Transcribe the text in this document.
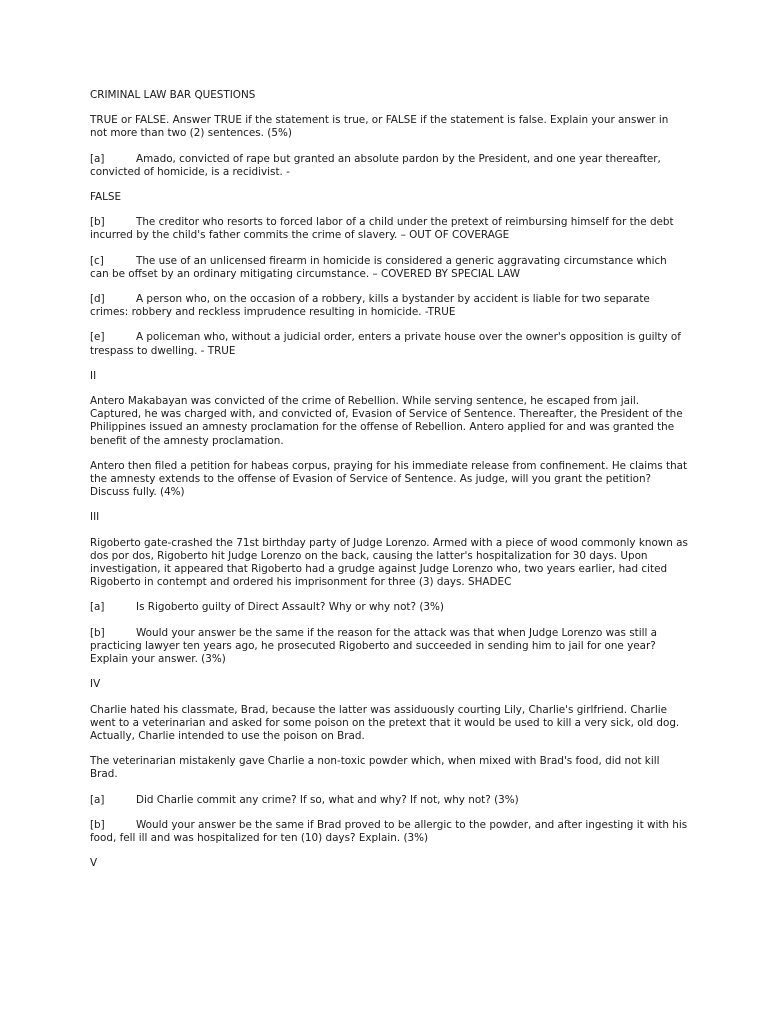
CRIMINAL LAW BAR QUESTIONS

TRUE or FALSE. Answer TRUE if the statement is true, or FALSE if the statement is false. Explain your answer in not more than two (2) sentences. (5%)

[a]	Amado, convicted of rape but granted an absolute pardon by the President, and one year thereafter, convicted of homicide, is a recidivist. -

FALSE

[b]	The creditor who resorts to forced labor of a child under the pretext of reimbursing himself for the debt incurred by the child's father commits the crime of slavery. – OUT OF COVERAGE

[c]	The use of an unlicensed firearm in homicide is considered a generic aggravating circumstance which can be offset by an ordinary mitigating circumstance. – COVERED BY SPECIAL LAW

[d]	A person who, on the occasion of a robbery, kills a bystander by accident is liable for two separate crimes: robbery and reckless imprudence resulting in homicide. -TRUE

[e]	A policeman who, without a judicial order, enters a private house over the owner's opposition is guilty of trespass to dwelling. - TRUE

II

Antero Makabayan was convicted of the crime of Rebellion. While serving sentence, he escaped from jail. Captured, he was charged with, and convicted of, Evasion of Service of Sentence. Thereafter, the President of the Philippines issued an amnesty proclamation for the offense of Rebellion. Antero applied for and was granted the benefit of the amnesty proclamation.

Antero then filed a petition for habeas corpus, praying for his immediate release from confinement. He claims that the amnesty extends to the offense of Evasion of Service of Sentence. As judge, will you grant the petition? Discuss fully. (4%)

III

Rigoberto gate-crashed the 71st birthday party of Judge Lorenzo. Armed with a piece of wood commonly known as dos por dos, Rigoberto hit Judge Lorenzo on the back, causing the latter's hospitalization for 30 days. Upon investigation, it appeared that Rigoberto had a grudge against Judge Lorenzo who, two years earlier, had cited Rigoberto in contempt and ordered his imprisonment for three (3) days. SHADEC

[a]	Is Rigoberto guilty of Direct Assault? Why or why not? (3%)

[b]	Would your answer be the same if the reason for the attack was that when Judge Lorenzo was still a practicing lawyer ten years ago, he prosecuted Rigoberto and succeeded in sending him to jail for one year? Explain your answer. (3%)

IV

Charlie hated his classmate, Brad, because the latter was assiduously courting Lily, Charlie's girlfriend. Charlie went to a veterinarian and asked for some poison on the pretext that it would be used to kill a very sick, old dog. Actually, Charlie intended to use the poison on Brad.

The veterinarian mistakenly gave Charlie a non-toxic powder which, when mixed with Brad's food, did not kill Brad.

[a]	Did Charlie commit any crime? If so, what and why? If not, why not? (3%)

[b]	Would your answer be the same if Brad proved to be allergic to the powder, and after ingesting it with his food, fell ill and was hospitalized for ten (10) days? Explain. (3%)

V
